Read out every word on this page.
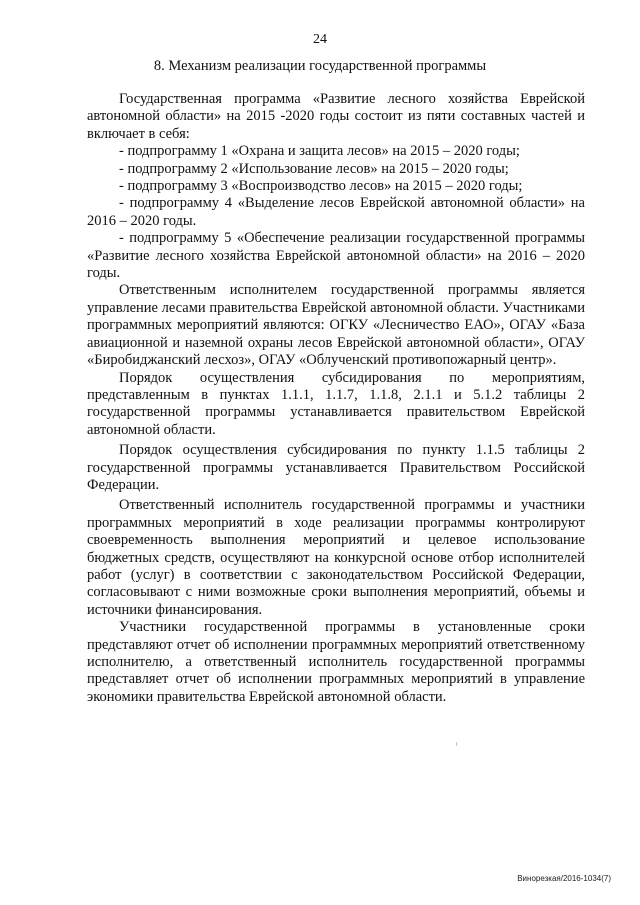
24
8. Механизм реализации государственной программы

Государственная программа «Развитие лесного хозяйства Еврейской автономной области» на 2015 -2020 годы состоит из пяти составных частей и включает в себя:

- подпрограмму 1 «Охрана и защита лесов» на 2015 – 2020 годы;

- подпрограмму 2 «Использование лесов» на 2015 – 2020 годы;

- подпрограмму 3 «Воспроизводство лесов» на 2015 – 2020 годы;

- подпрограмму 4 «Выделение лесов Еврейской автономной области» на 2016 – 2020 годы.

- подпрограмму 5 «Обеспечение реализации государственной программы «Развитие лесного хозяйства Еврейской автономной области» на 2016 – 2020 годы.

Ответственным исполнителем государственной программы является управление лесами правительства Еврейской автономной области. Участниками программных мероприятий являются: ОГКУ «Лесничество ЕАО», ОГАУ «База авиационной и наземной охраны лесов Еврейской автономной области», ОГАУ «Биробиджанский лесхоз», ОГАУ «Облученский противопожарный центр».

Порядок осуществления субсидирования по мероприятиям, представленным в пунктах 1.1.1, 1.1.7, 1.1.8, 2.1.1 и 5.1.2 таблицы 2 государственной программы устанавливается правительством Еврейской автономной области.

Порядок осуществления субсидирования по пункту 1.1.5 таблицы 2 государственной программы устанавливается Правительством Российской Федерации.

Ответственный исполнитель государственной программы и участники программных мероприятий в ходе реализации программы контролируют своевременность выполнения мероприятий и целевое использование бюджетных средств, осуществляют на конкурсной основе отбор исполнителей работ (услуг) в соответствии с законодательством Российской Федерации, согласовывают с ними возможные сроки выполнения мероприятий, объемы и источники финансирования.

Участники государственной программы в установленные сроки представляют отчет об исполнении программных мероприятий ответственному исполнителю, а ответственный исполнитель государственной программы представляет отчет об исполнении программных мероприятий в управление экономики правительства Еврейской автономной области.

Винорезкая/2016-1034(7)
